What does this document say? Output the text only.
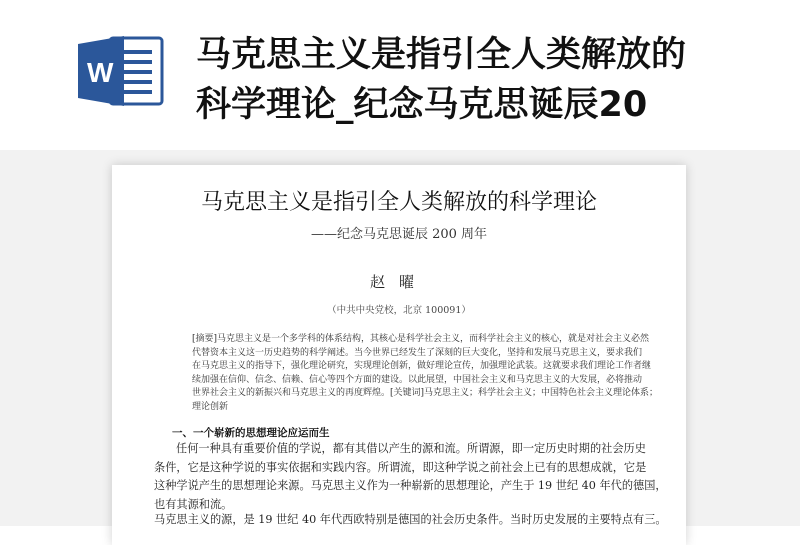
W 马克思主义是指引全人类解放的
科学理论_纪念马克思诞辰20
马克思主义是指引全人类解放的科学理论
——纪念马克思诞辰 200 周年
赵曜
（中共中央党校，北京 100091）
[摘要]马克思主义是一个多学科的体系结构，其核心是科学社会主义，而科学社会主义的核心，就是对社会主义必然
代替资本主义这一历史趋势的科学阐述。当今世界已经发生了深刻的巨大变化，坚持和发展马克思主义，要求我们
在马克思主义的指导下，强化理论研究，实现理论创新，做好理论宣传，加强理论武装。这就要求我们理论工作者继
续加强在信仰、信念、信赖、信心等四个方面的建设。以此展望，中国社会主义和马克思主义的大发展，必将推动
世界社会主义的新振兴和马克思主义的再度辉煌。[关键词]马克思主义；科学社会主义；中国特色社会主义理论体系；
理论创新
一、一个崭新的思想理论应运而生
任何一种具有重要价值的学说，都有其借以产生的源和流。所谓源，即一定历史时期的社会历史
条件，它是这种学说的事实依据和实践内容。所谓流，即这种学说之前社会上已有的思想成就，它是
这种学说产生的思想理论来源。马克思主义作为一种崭新的思想理论，产生于 19 世纪 40 年代的德国，
也有其源和流。
马克思主义的源，是 19 世纪 40 年代西欧特别是德国的社会历史条件。当时历史发展的主要特点有三。
